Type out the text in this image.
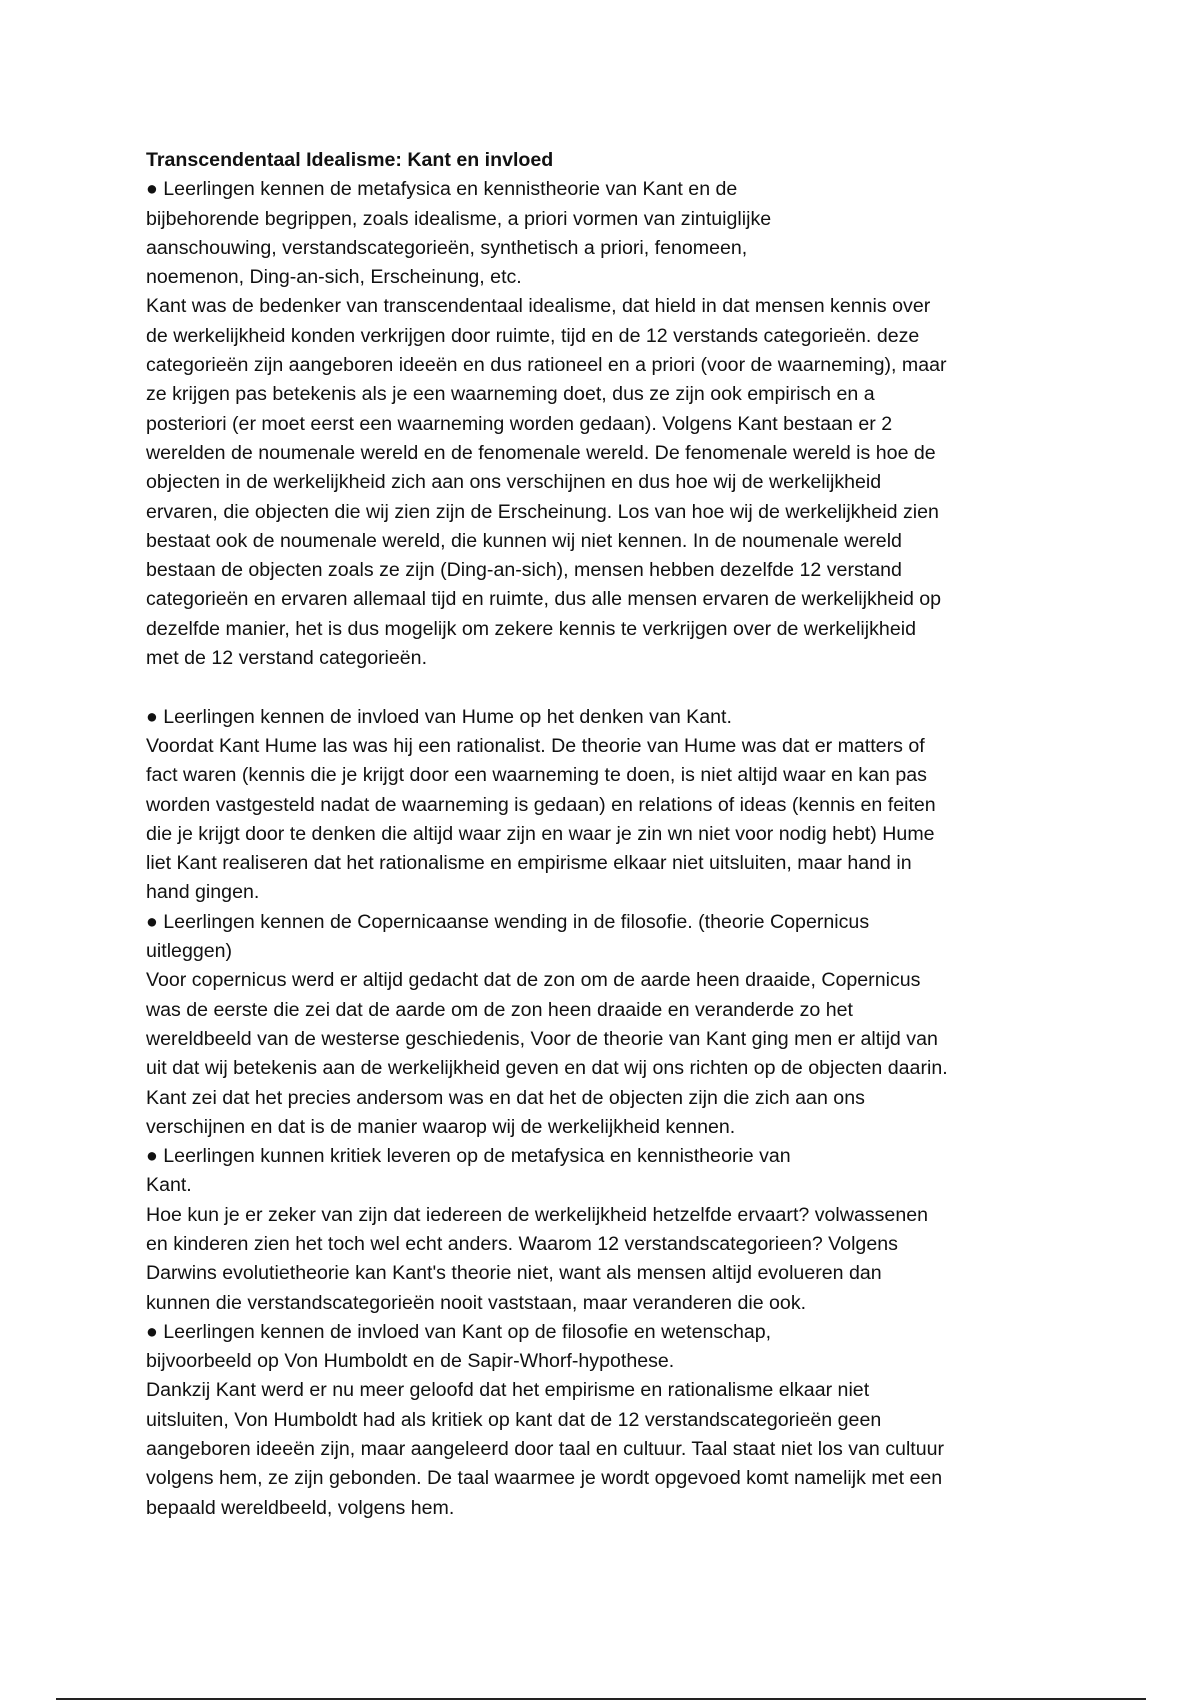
Transcendentaal Idealisme: Kant en invloed

● Leerlingen kennen de metafysica en kennistheorie van Kant en de

bijbehorende begrippen, zoals idealisme, a priori vormen van zintuiglijke

aanschouwing, verstandscategorieën, synthetisch a priori, fenomeen,

noemenon, Ding-an-sich, Erscheinung, etc.

Kant was de bedenker van transcendentaal idealisme, dat hield in dat mensen kennis over

de werkelijkheid konden verkrijgen door ruimte, tijd en de 12 verstands categorieën. deze

categorieën zijn aangeboren ideeën en dus rationeel en a priori (voor de waarneming), maar

ze krijgen pas betekenis als je een waarneming doet, dus ze zijn ook empirisch en a

posteriori (er moet eerst een waarneming worden gedaan). Volgens Kant bestaan er 2

werelden de noumenale wereld en de fenomenale wereld. De fenomenale wereld is hoe de

objecten in de werkelijkheid zich aan ons verschijnen en dus hoe wij de werkelijkheid

ervaren, die objecten die wij zien zijn de Erscheinung. Los van hoe wij de werkelijkheid zien

bestaat ook de noumenale wereld, die kunnen wij niet kennen. In de noumenale wereld

bestaan de objecten zoals ze zijn (Ding-an-sich), mensen hebben dezelfde 12 verstand

categorieën en ervaren allemaal tijd en ruimte, dus alle mensen ervaren de werkelijkheid op

dezelfde manier, het is dus mogelijk om zekere kennis te verkrijgen over de werkelijkheid

met de 12 verstand categorieën.

● Leerlingen kennen de invloed van Hume op het denken van Kant.

Voordat Kant Hume las was hij een rationalist. De theorie van Hume was dat er matters of

fact waren (kennis die je krijgt door een waarneming te doen, is niet altijd waar en kan pas

worden vastgesteld nadat de waarneming is gedaan) en relations of ideas (kennis en feiten

die je krijgt door te denken die altijd waar zijn en waar je zin wn niet voor nodig hebt) Hume

liet Kant realiseren dat het rationalisme en empirisme elkaar niet uitsluiten, maar hand in

hand gingen.

● Leerlingen kennen de Copernicaanse wending in de filosofie. (theorie Copernicus

uitleggen)

Voor copernicus werd er altijd gedacht dat de zon om de aarde heen draaide, Copernicus

was de eerste die zei dat de aarde om de zon heen draaide en veranderde zo het

wereldbeeld van de westerse geschiedenis, Voor de theorie van Kant ging men er altijd van

uit dat wij betekenis aan de werkelijkheid geven en dat wij ons richten op de objecten daarin.

Kant zei dat het precies andersom was en dat het de objecten zijn die zich aan ons

verschijnen en dat is de manier waarop wij de werkelijkheid kennen.

● Leerlingen kunnen kritiek leveren op de metafysica en kennistheorie van

Kant.

Hoe kun je er zeker van zijn dat iedereen de werkelijkheid hetzelfde ervaart? volwassenen

en kinderen zien het toch wel echt anders. Waarom 12 verstandscategorieen? Volgens

Darwins evolutietheorie kan Kant's theorie niet, want als mensen altijd evolueren dan

kunnen die verstandscategorieën nooit vaststaan, maar veranderen die ook.

● Leerlingen kennen de invloed van Kant op de filosofie en wetenschap,

bijvoorbeeld op Von Humboldt en de Sapir-Whorf-hypothese.

Dankzij Kant werd er nu meer geloofd dat het empirisme en rationalisme elkaar niet

uitsluiten, Von Humboldt had als kritiek op kant dat de 12 verstandscategorieën geen

aangeboren ideeën zijn, maar aangeleerd door taal en cultuur. Taal staat niet los van cultuur

volgens hem, ze zijn gebonden. De taal waarmee je wordt opgevoed komt namelijk met een

bepaald wereldbeeld, volgens hem.
